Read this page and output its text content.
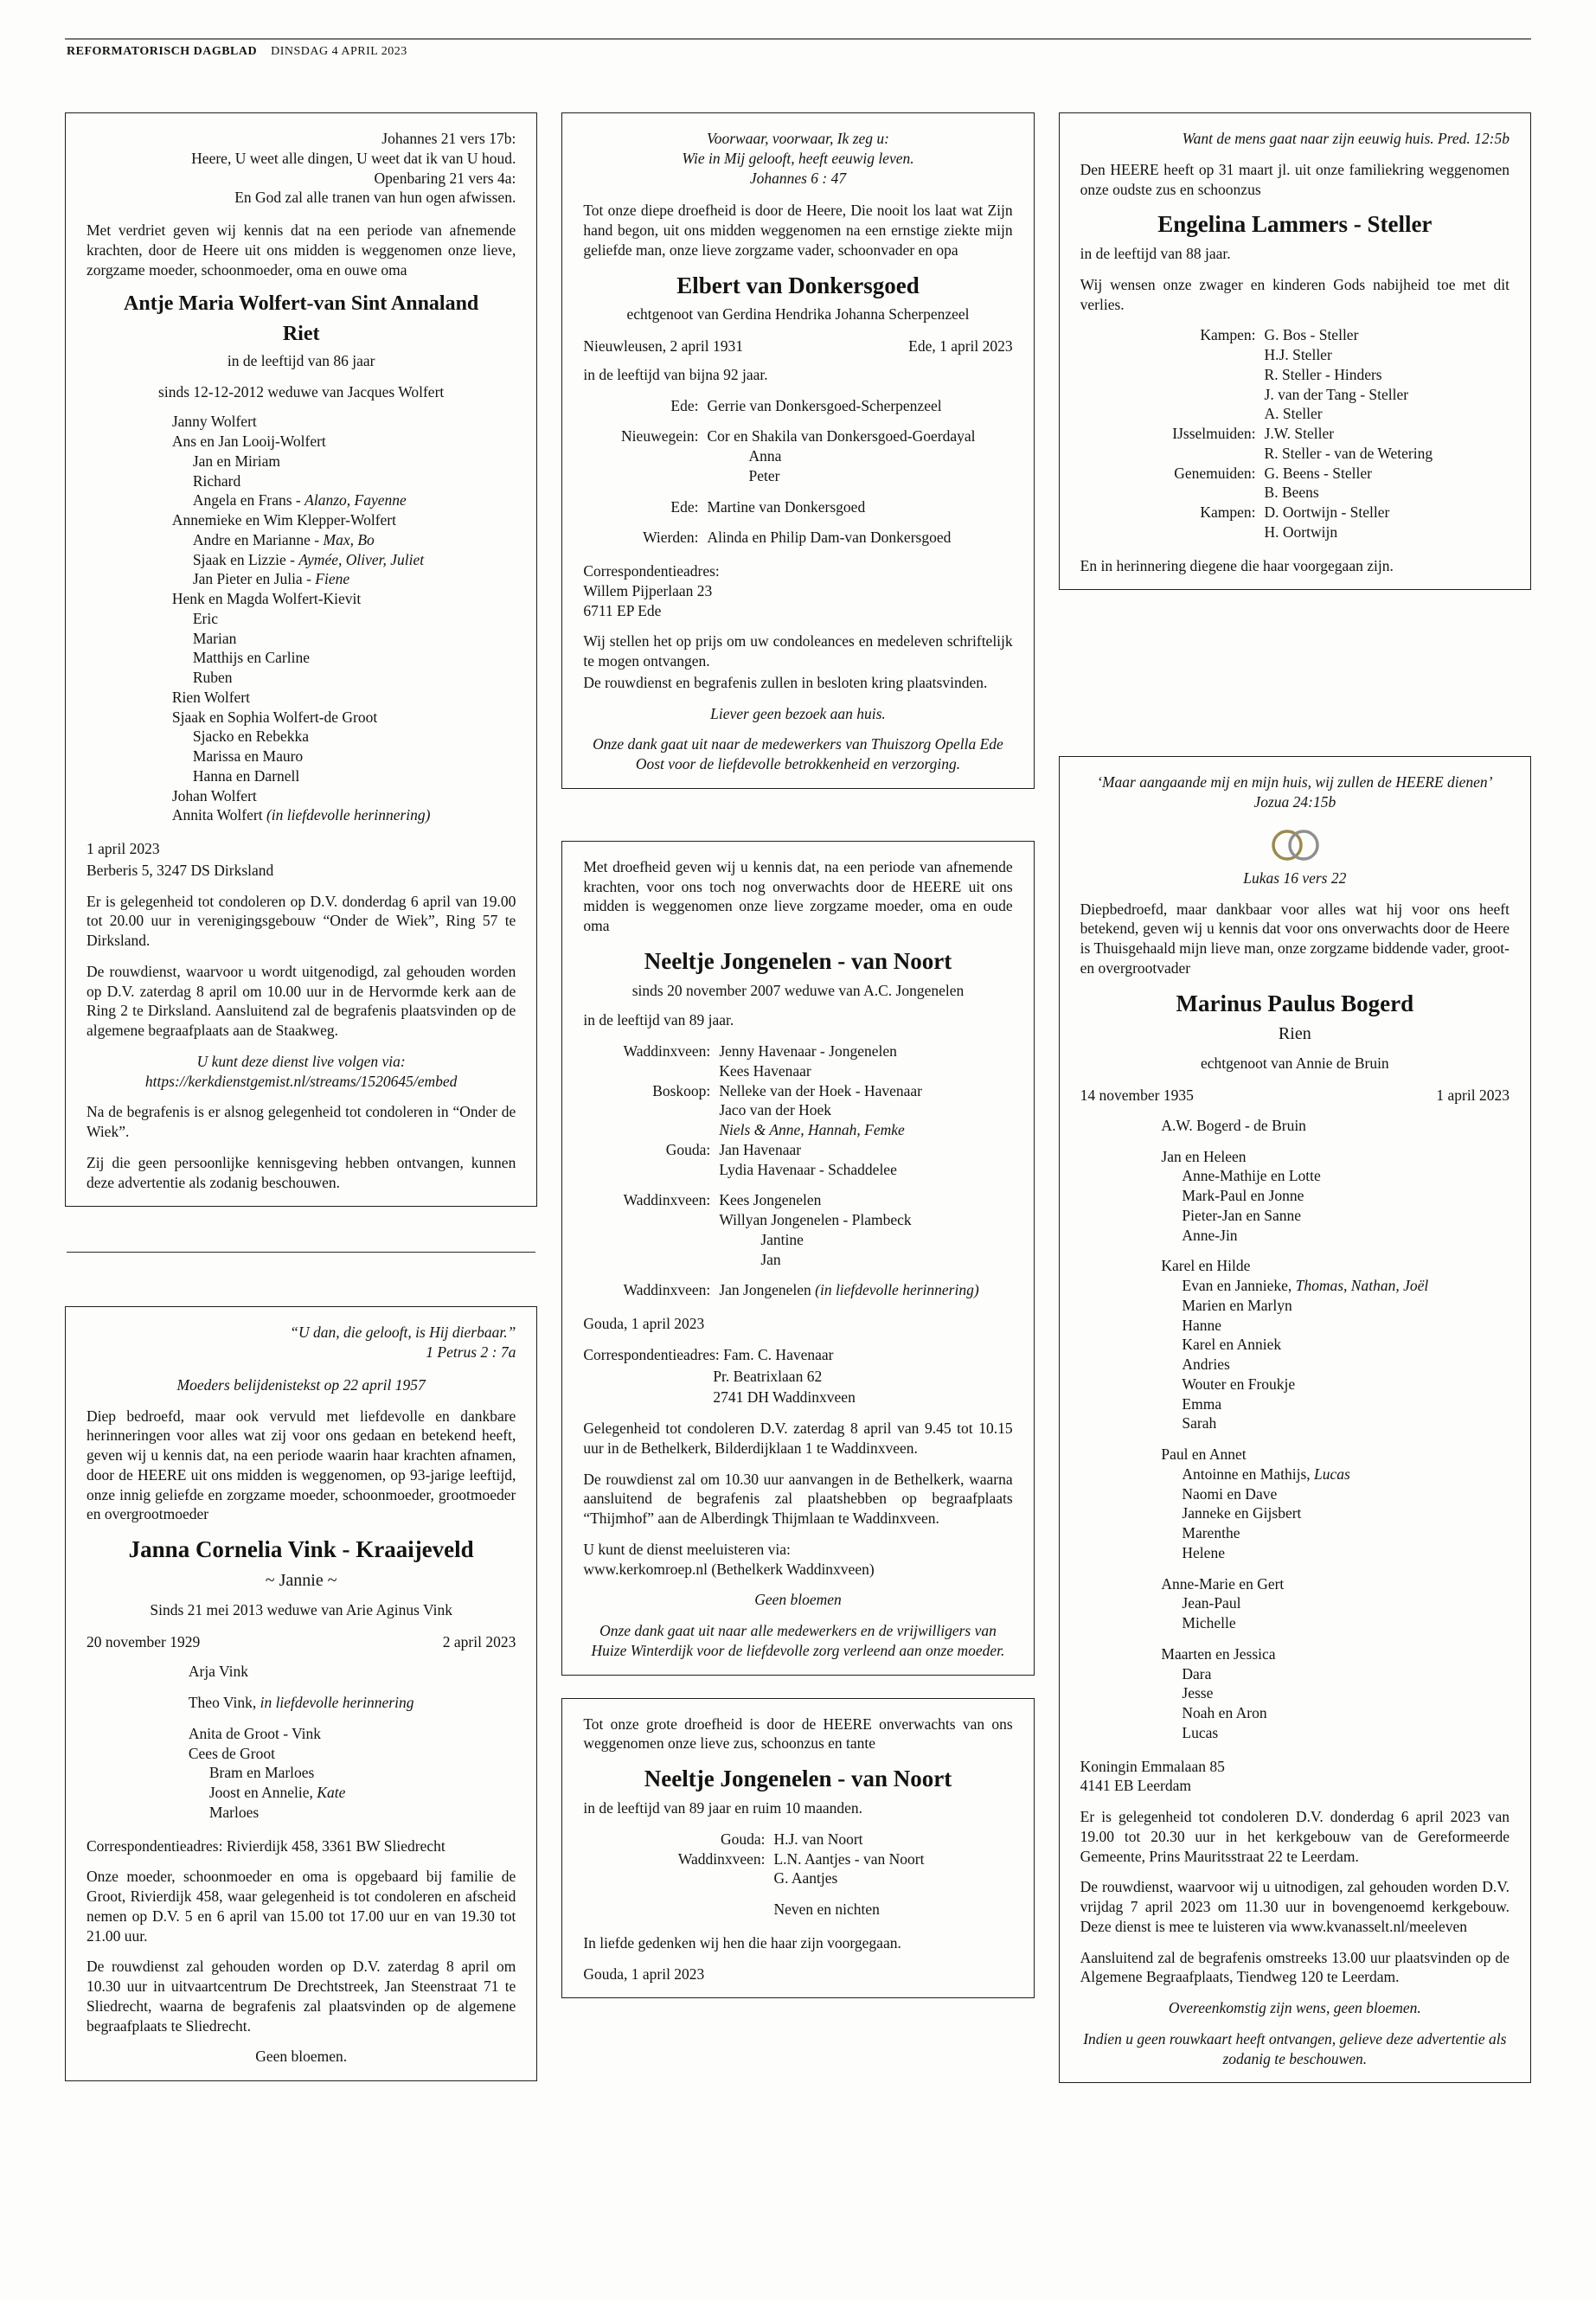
REFORMATORISCH DAGBLAD DINSDAG 4 APRIL 2023
Johannes 21 vers 17b:
Heere, U weet alle dingen, U weet dat ik van U houd.
Openbaring 21 vers 4a:
En God zal alle tranen van hun ogen afwissen.

Met verdriet geven wij kennis dat na een periode van afnemende krachten, door de Heere uit ons midden is weggenomen onze lieve, zorgzame moeder, schoonmoeder, oma en ouwe oma

Antje Maria Wolfert-van Sint Annaland
Riet

in de leeftijd van 86 jaar

sinds 12-12-2012 weduwe van Jacques Wolfert

Janny Wolfert
Ans en Jan Looij-Wolfert
Jan en Miriam
Richard
Angela en Frans - Alanzo, Fayenne
Annemieke en Wim Klepper-Wolfert
Andre en Marianne - Max, Bo
Sjaak en Lizzie - Aymée, Oliver, Juliet
Jan Pieter en Julia - Fiene
Henk en Magda Wolfert-Kievit
Eric
Marian
Matthijs en Carline
Ruben
Rien Wolfert
Sjaak en Sophia Wolfert-de Groot
Sjacko en Rebekka
Marissa en Mauro
Hanna en Darnell
Johan Wolfert
Annita Wolfert (in liefdevolle herinnering)

1 april 2023

Berberis 5, 3247 DS Dirksland

Er is gelegenheid tot condoleren op D.V. donderdag 6 april van 19.00 tot 20.00 uur in verenigingsgebouw “Onder de Wiek”, Ring 57 te Dirksland.

De rouwdienst, waarvoor u wordt uitgenodigd, zal gehouden worden op D.V. zaterdag 8 april om 10.00 uur in de Hervormde kerk aan de Ring 2 te Dirksland. Aansluitend zal de begrafenis plaatsvinden op de algemene begraafplaats aan de Staakweg.

U kunt deze dienst live volgen via:
https://kerkdienstgemist.nl/streams/1520645/embed

Na de begrafenis is er alsnog gelegenheid tot condoleren in “Onder de Wiek”.

Zij die geen persoonlijke kennisgeving hebben ontvangen, kunnen deze advertentie als zodanig beschouwen.

“U dan, die gelooft, is Hij dierbaar.”
1 Petrus 2 : 7a

Moeders belijdenistekst op 22 april 1957

Diep bedroefd, maar ook vervuld met liefdevolle en dankbare herinneringen voor alles wat zij voor ons gedaan en betekend heeft, geven wij u kennis dat, na een periode waarin haar krachten afnamen, door de HEERE uit ons midden is weggenomen, op 93-jarige leeftijd, onze innig geliefde en zorgzame moeder, schoonmoeder, grootmoeder en overgrootmoeder

Janna Cornelia Vink - Kraaijeveld
~ Jannie ~

Sinds 21 mei 2013 weduwe van Arie Aginus Vink

20 november 1929	2 april 2023
Arja Vink
Theo Vink, in liefdevolle herinnering
Anita de Groot - Vink
Cees de Groot
Bram en Marloes
Joost en Annelie, Kate
Marloes

Correspondentieadres: Rivierdijk 458, 3361 BW Sliedrecht

Onze moeder, schoonmoeder en oma is opgebaard bij familie de Groot, Rivierdijk 458, waar gelegenheid is tot condoleren en afscheid nemen op D.V. 5 en 6 april van 15.00 tot 17.00 uur en van 19.30 tot 21.00 uur.

De rouwdienst zal gehouden worden op D.V. zaterdag 8 april om 10.30 uur in uitvaartcentrum De Drechtstreek, Jan Steenstraat 71 te Sliedrecht, waarna de begrafenis zal plaatsvinden op de algemene begraafplaats te Sliedrecht.

Geen bloemen.

Voorwaar, voorwaar, Ik zeg u:
Wie in Mij gelooft, heeft eeuwig leven.
Johannes 6 : 47

Tot onze diepe droefheid is door de Heere, Die nooit los laat wat Zijn hand begon, uit ons midden weggenomen na een ernstige ziekte mijn geliefde man, onze lieve zorgzame vader, schoonvader en opa

Elbert van Donkersgoed

echtgenoot van Gerdina Hendrika Johanna Scherpenzeel

Nieuwleusen, 2 april 1931	Ede, 1 april 2023

in de leeftijd van bijna 92 jaar.

Ede: Gerrie van Donkersgoed-Scherpenzeel
Nieuwegein: Cor en Shakila van Donkersgoed-Goerdayal
Anna
Peter
Ede: Martine van Donkersgoed
Wierden: Alinda en Philip Dam-van Donkersgoed
Correspondentieadres:
Willem Pijperlaan 23
6711 EP Ede

Wij stellen het op prijs om uw condoleances en medeleven schriftelijk te mogen ontvangen.

De rouwdienst en begrafenis zullen in besloten kring plaatsvinden.

Liever geen bezoek aan huis.

Onze dank gaat uit naar de medewerkers van Thuiszorg Opella Ede Oost voor de liefdevolle betrokkenheid en verzorging.

Met droefheid geven wij u kennis dat, na een periode van afnemende krachten, voor ons toch nog onverwachts door de HEERE uit ons midden is weggenomen onze lieve zorgzame moeder, oma en oude oma

Neeltje Jongenelen - van Noort

sinds 20 november 2007 weduwe van A.C. Jongenelen

in de leeftijd van 89 jaar.

Waddinxveen: Jenny Havenaar - Jongenelen
Kees Havenaar
Boskoop: Nelleke van der Hoek - Havenaar
Jaco van der Hoek
Niels & Anne, Hannah, Femke
Gouda: Jan Havenaar
Lydia Havenaar - Schaddelee
Waddinxveen: Kees Jongenelen
Willyan Jongenelen - Plambeck
Jantine
Jan
Waddinxveen: Jan Jongenelen (in liefdevolle herinnering)

Gouda, 1 april 2023

Correspondentieadres: Fam. C. Havenaar

Pr. Beatrixlaan 62

2741 DH Waddinxveen

Gelegenheid tot condoleren D.V. zaterdag 8 april van 9.45 tot 10.15 uur in de Bethelkerk, Bilderdijklaan 1 te Waddinxveen.

De rouwdienst zal om 10.30 uur aanvangen in de Bethelkerk, waarna aansluitend de begrafenis zal plaatshebben op begraafplaats “Thijmhof” aan de Alberdingk Thijmlaan te Waddinxveen.

U kunt de dienst meeluisteren via:
www.kerkomroep.nl (Bethelkerk Waddinxveen)

Geen bloemen

Onze dank gaat uit naar alle medewerkers en de vrijwilligers van Huize Winterdijk voor de liefdevolle zorg verleend aan onze moeder.

Tot onze grote droefheid is door de HEERE onverwachts van ons weggenomen onze lieve zus, schoonzus en tante

Neeltje Jongenelen - van Noort

in de leeftijd van 89 jaar en ruim 10 maanden.

Gouda: H.J. van Noort
Waddinxveen: L.N. Aantjes - van Noort
G. Aantjes
Neven en nichten

In liefde gedenken wij hen die haar zijn voorgegaan.

Gouda, 1 april 2023

Want de mens gaat naar zijn eeuwig huis. Pred. 12:5b

Den HEERE heeft op 31 maart jl. uit onze familiekring weggenomen onze oudste zus en schoonzus

Engelina Lammers - Steller

in de leeftijd van 88 jaar.

Wij wensen onze zwager en kinderen Gods nabijheid toe met dit verlies.

Kampen: G. Bos - Steller
H.J. Steller
R. Steller - Hinders
J. van der Tang - Steller
A. Steller
IJsselmuiden: J.W. Steller
R. Steller - van de Wetering
Genemuiden: G. Beens - Steller
B. Beens
Kampen: D. Oortwijn - Steller
H. Oortwijn

En in herinnering diegene die haar voorgegaan zijn.

‘Maar aangaande mij en mijn huis, wij zullen de HEERE dienen’
Jozua 24:15b

Lukas 16 vers 22

Diepbedroefd, maar dankbaar voor alles wat hij voor ons heeft betekend, geven wij u kennis dat voor ons onverwachts door de Heere is Thuisgehaald mijn lieve man, onze zorgzame biddende vader, groot- en overgrootvader

Marinus Paulus Bogerd
Rien

echtgenoot van Annie de Bruin

14 november 1935	1 april 2023
A.W. Bogerd - de Bruin
Jan en Heleen
Anne-Mathije en Lotte
Mark-Paul en Jonne
Pieter-Jan en Sanne
Anne-Jin
Karel en Hilde
Evan en Jannieke, Thomas, Nathan, Joël
Marien en Marlyn
Hanne
Karel en Anniek
Andries
Wouter en Froukje
Emma
Sarah
Paul en Annet
Antoinne en Mathijs, Lucas
Naomi en Dave
Janneke en Gijsbert
Marenthe
Helene
Anne-Marie en Gert
Jean-Paul
Michelle
Maarten en Jessica
Dara
Jesse
Noah en Aron
Lucas
Koningin Emmalaan 85
4141 EB Leerdam

Er is gelegenheid tot condoleren D.V. donderdag 6 april 2023 van 19.00 tot 20.30 uur in het kerkgebouw van de Gereformeerde Gemeente, Prins Mauritsstraat 22 te Leerdam.

De rouwdienst, waarvoor wij u uitnodigen, zal gehouden worden D.V. vrijdag 7 april 2023 om 11.30 uur in bovengenoemd kerkgebouw. Deze dienst is mee te luisteren via www.kvanasselt.nl/meeleven

Aansluitend zal de begrafenis omstreeks 13.00 uur plaatsvinden op de Algemene Begraafplaats, Tiendweg 120 te Leerdam.

Overeenkomstig zijn wens, geen bloemen.

Indien u geen rouwkaart heeft ontvangen, gelieve deze advertentie als zodanig te beschouwen.
